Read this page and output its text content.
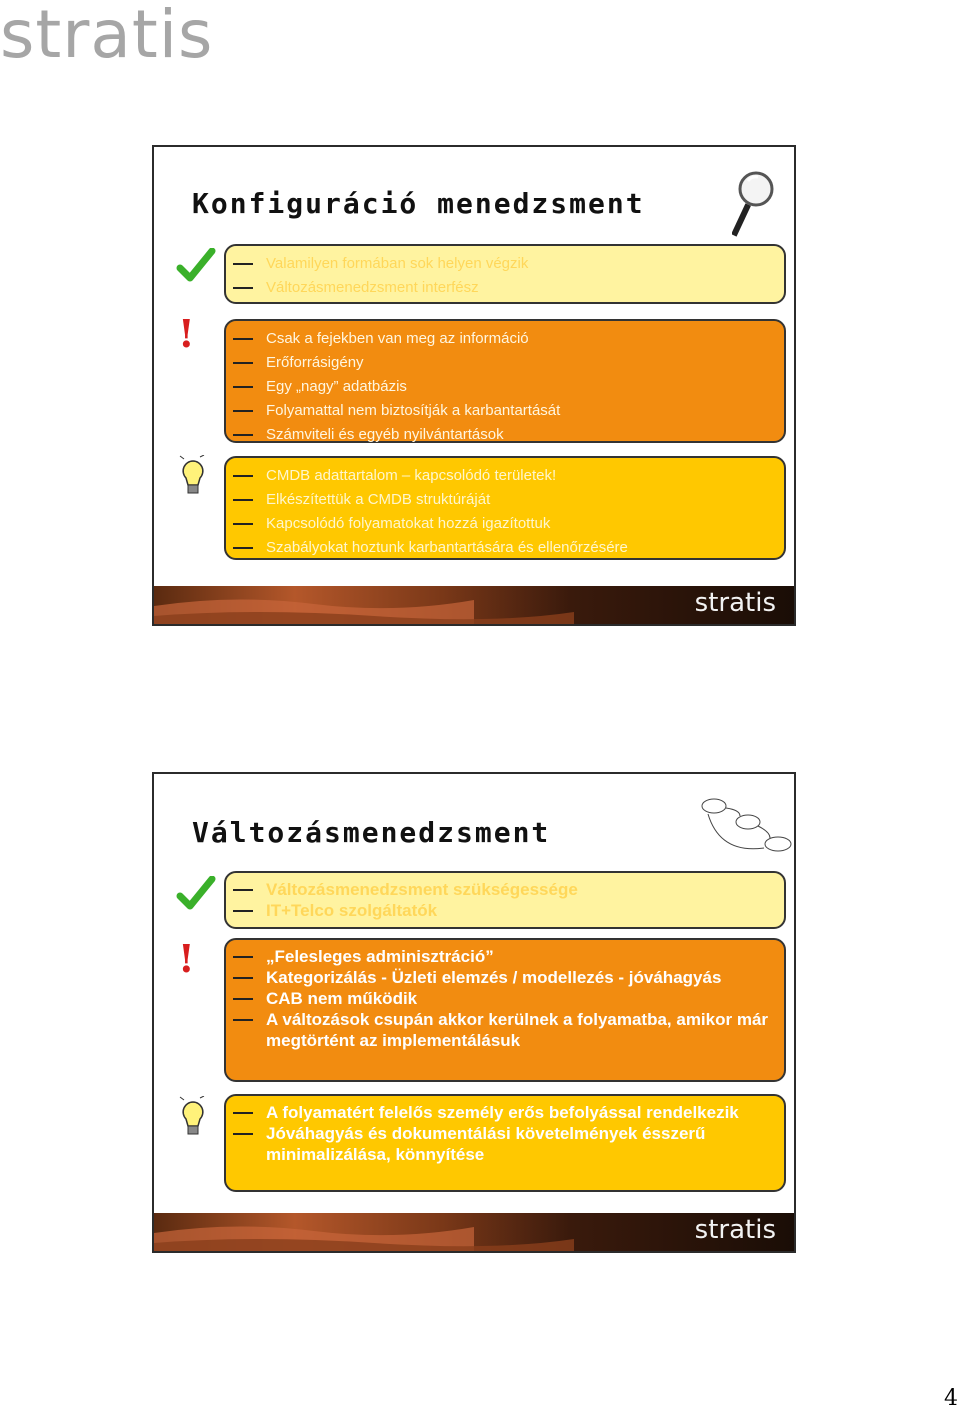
stratis
Konfiguráció menedzsment
Valamilyen formában sok helyen végzik
Változásmenedzsment interfész
!	Csak a fejekben van meg az információ
Erőforrásigény
Egy „nagy” adatbázis
Folyamattal nem biztosítják a karbantartását
Számviteli és egyéb nyilvántartások
CMDB adattartalom – kapcsolódó területek!
Elkészítettük a CMDB struktúráját
Kapcsolódó folyamatokat hozzá igazítottuk
Szabályokat hoztunk karbantartására és ellenőrzésére
stratis
Változásmenedzsment
Változásmenedzsment szükségessége
IT+Telco szolgáltatók
!	„Felesleges adminisztráció”
Kategorizálás - Üzleti elemzés / modellezés - jóváhagyás
CAB nem működik
A változások csupán akkor kerülnek a folyamatba, amikor már megtörtént az implementálásuk
A folyamatért felelős személy erős befolyással rendelkezik
Jóváhagyás és dokumentálási követelmények ésszerű minimalizálása, könnyítése
stratis
4
